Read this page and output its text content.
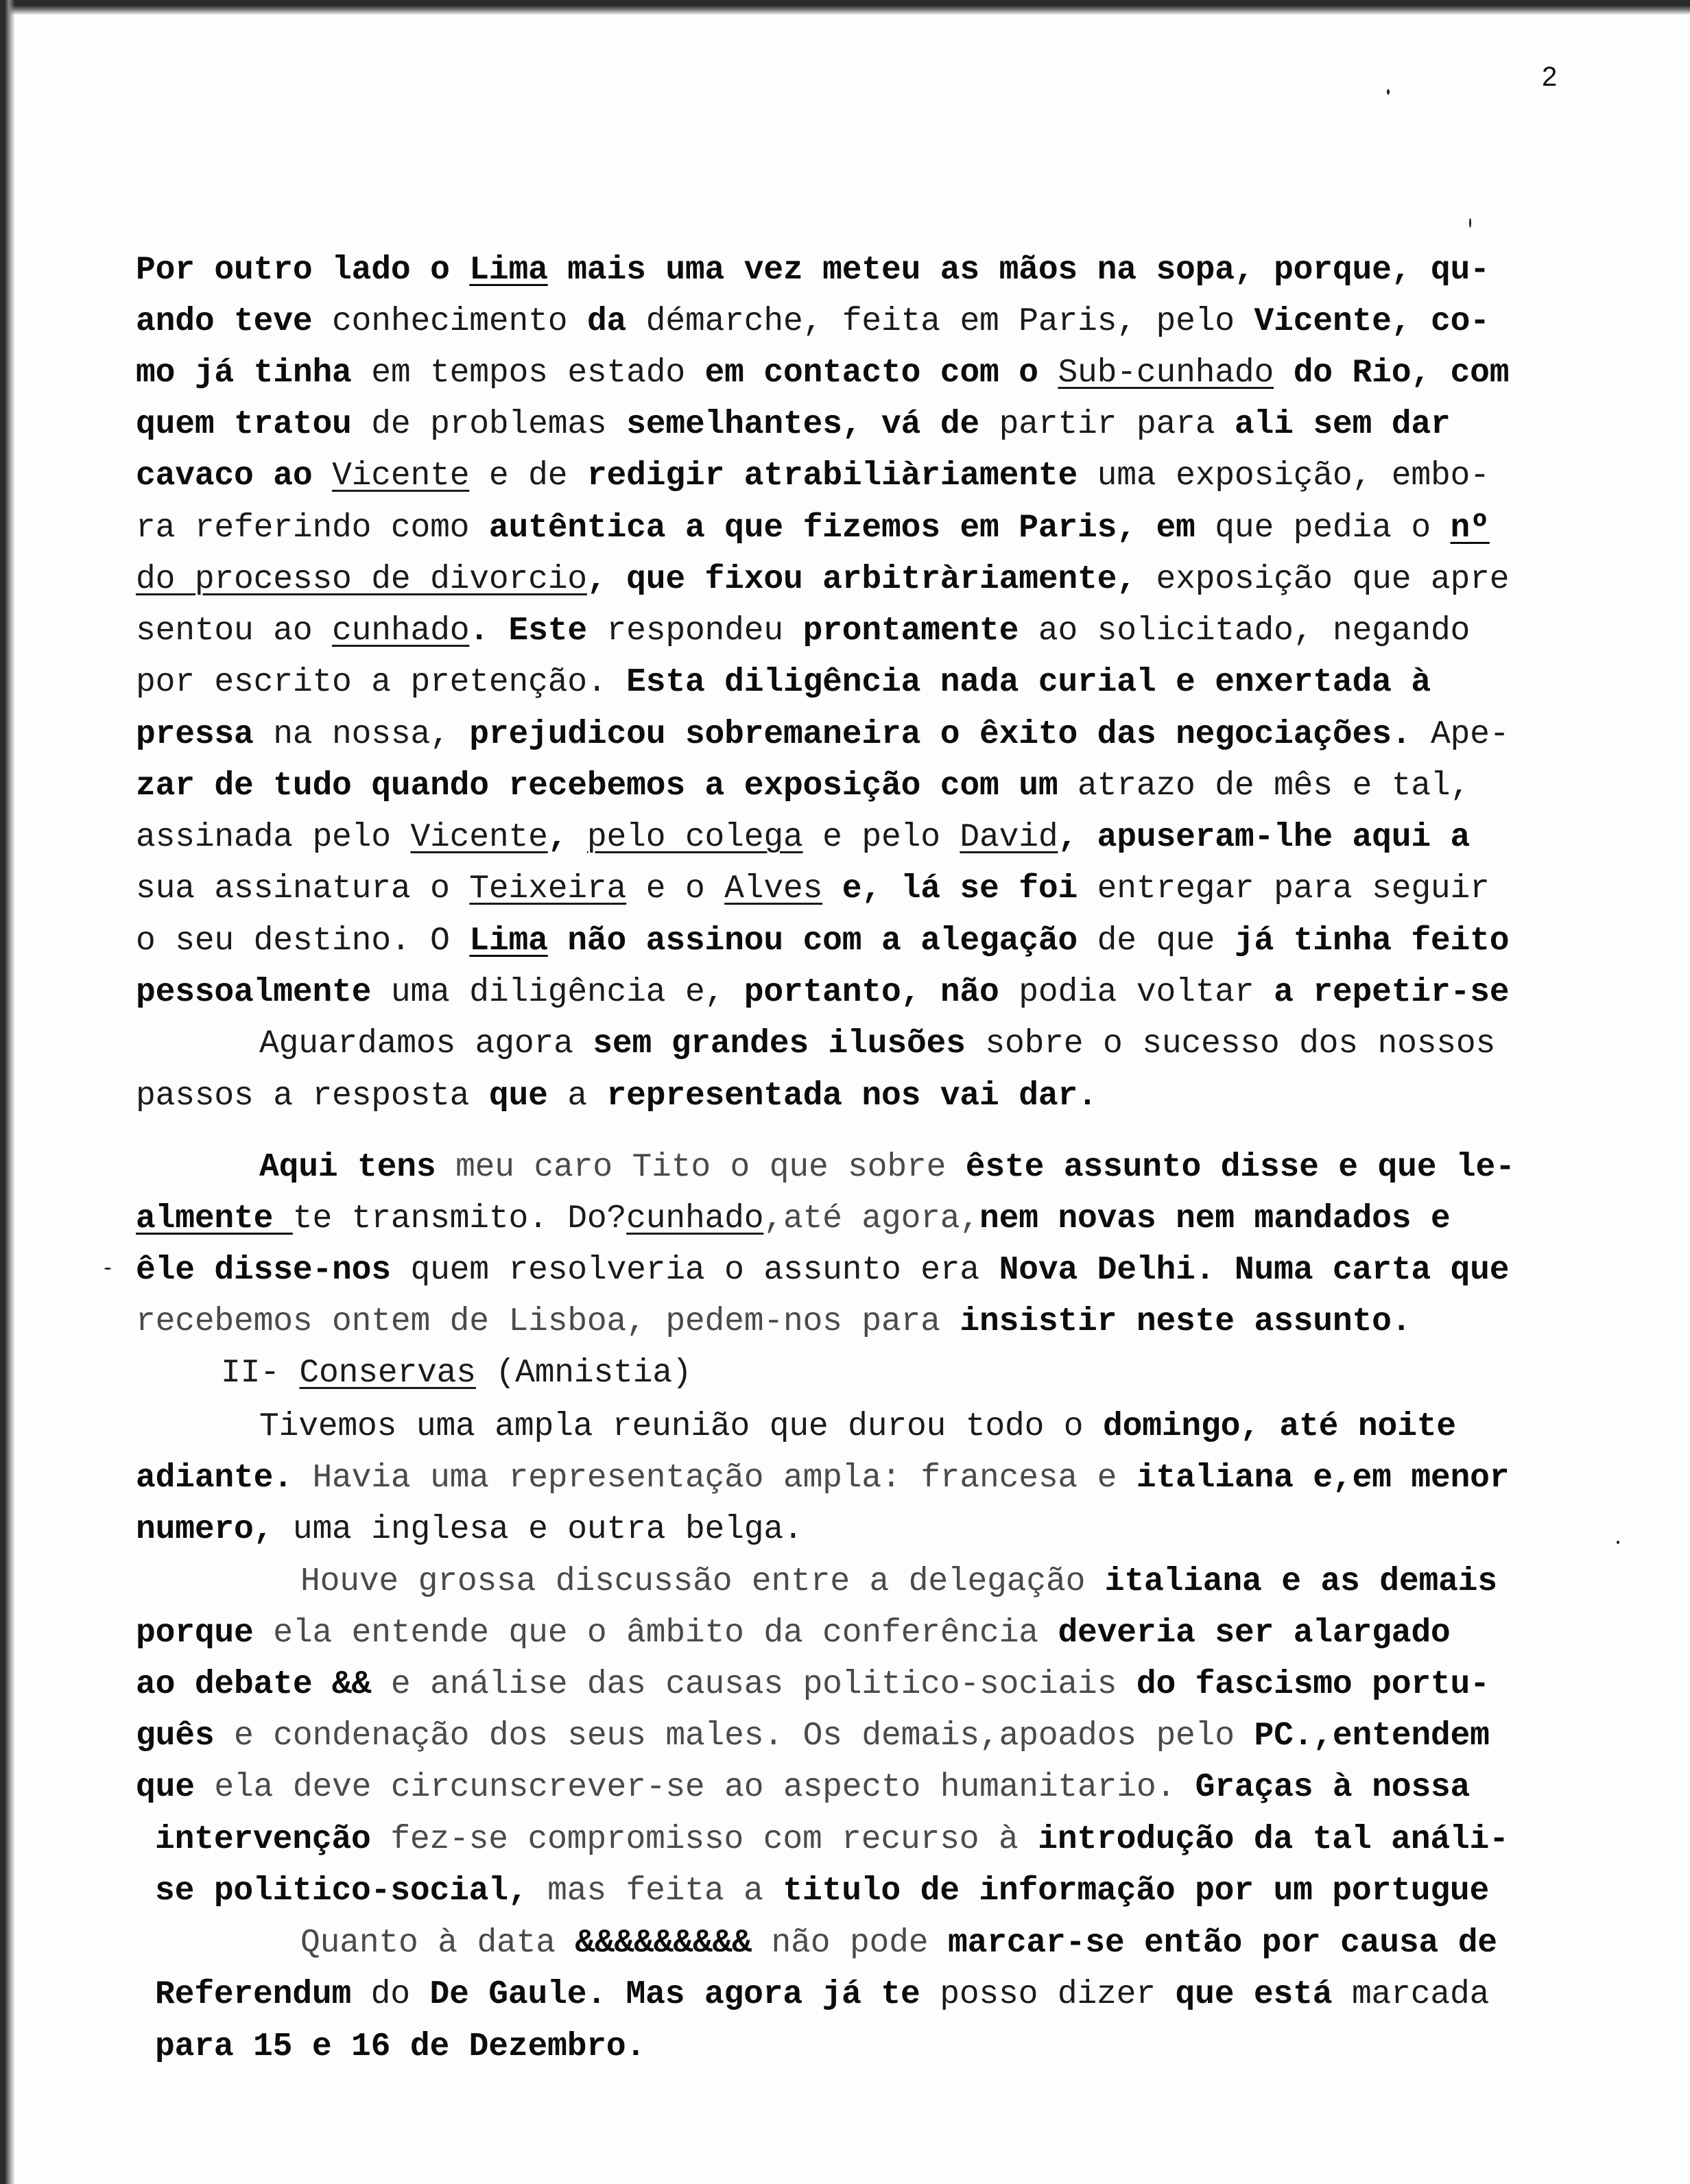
2
Por outro lado o Lima mais uma vez meteu as mãos na sopa, porque, qu-
ando teve conhecimento da démarche, feita em Paris, pelo Vicente, co-
mo já tinha em tempos estado em contacto com o Sub-cunhado do Rio, com
quem tratou de problemas semelhantes, vá de partir para ali sem dar
cavaco ao Vicente e de redigir atrabiliàriamente uma exposição, embo-
ra referindo como autêntica a que fizemos em Paris, em que pedia o nº
do processo de divorcio, que fixou arbitràriamente, exposição que apre
sentou ao cunhado. Este respondeu prontamente ao solicitado, negando
por escrito a pretenção. Esta diligência nada curial e enxertada à
pressa na nossa, prejudicou sobremaneira o êxito das negociações. Ape-
zar de tudo quando recebemos a exposição com um atrazo de mês e tal,
assinada pelo Vicente, pelo colega e pelo David, apuseram-lhe aqui a
sua assinatura o Teixeira e o Alves e, lá se foi entregar para seguir
o seu destino. O Lima não assinou com a alegação de que já tinha feito
pessoalmente uma diligência e, portanto, não podia voltar a repetir-se
Aguardamos agora sem grandes ilusões sobre o sucesso dos nossos
passos a resposta que a representada nos vai dar.
Aqui tens meu caro Tito o que sobre êste assunto disse e que le-
almente te transmito. Do?cunhado,até agora,nem novas nem mandados e
êle disse-nos quem resolveria o assunto era Nova Delhi. Numa carta que
recebemos ontem de Lisboa, pedem-nos para insistir neste assunto.
II- Conservas (Amnistia)
Tivemos uma ampla reunião que durou todo o domingo, até noite
adiante. Havia uma representação ampla: francesa e italiana e,em menor
numero, uma inglesa e outra belga.
Houve grossa discussão entre a delegação italiana e as demais
porque ela entende que o âmbito da conferência deveria ser alargado
ao debate && e análise das causas politico-sociais do fascismo portu-
guês e condenação dos seus males. Os demais,apoados pelo PC.,entendem
que ela deve circunscrever-se ao aspecto humanitario. Graças à nossa
intervenção fez-se compromisso com recurso à introdução da tal análi-
se politico-social, mas feita a titulo de informação por um portugue
Quanto à data &&&&&&&&& não pode marcar-se então por causa de
Referendum do De Gaule. Mas agora já te posso dizer que está marcada
para 15 e 16 de Dezembro.
